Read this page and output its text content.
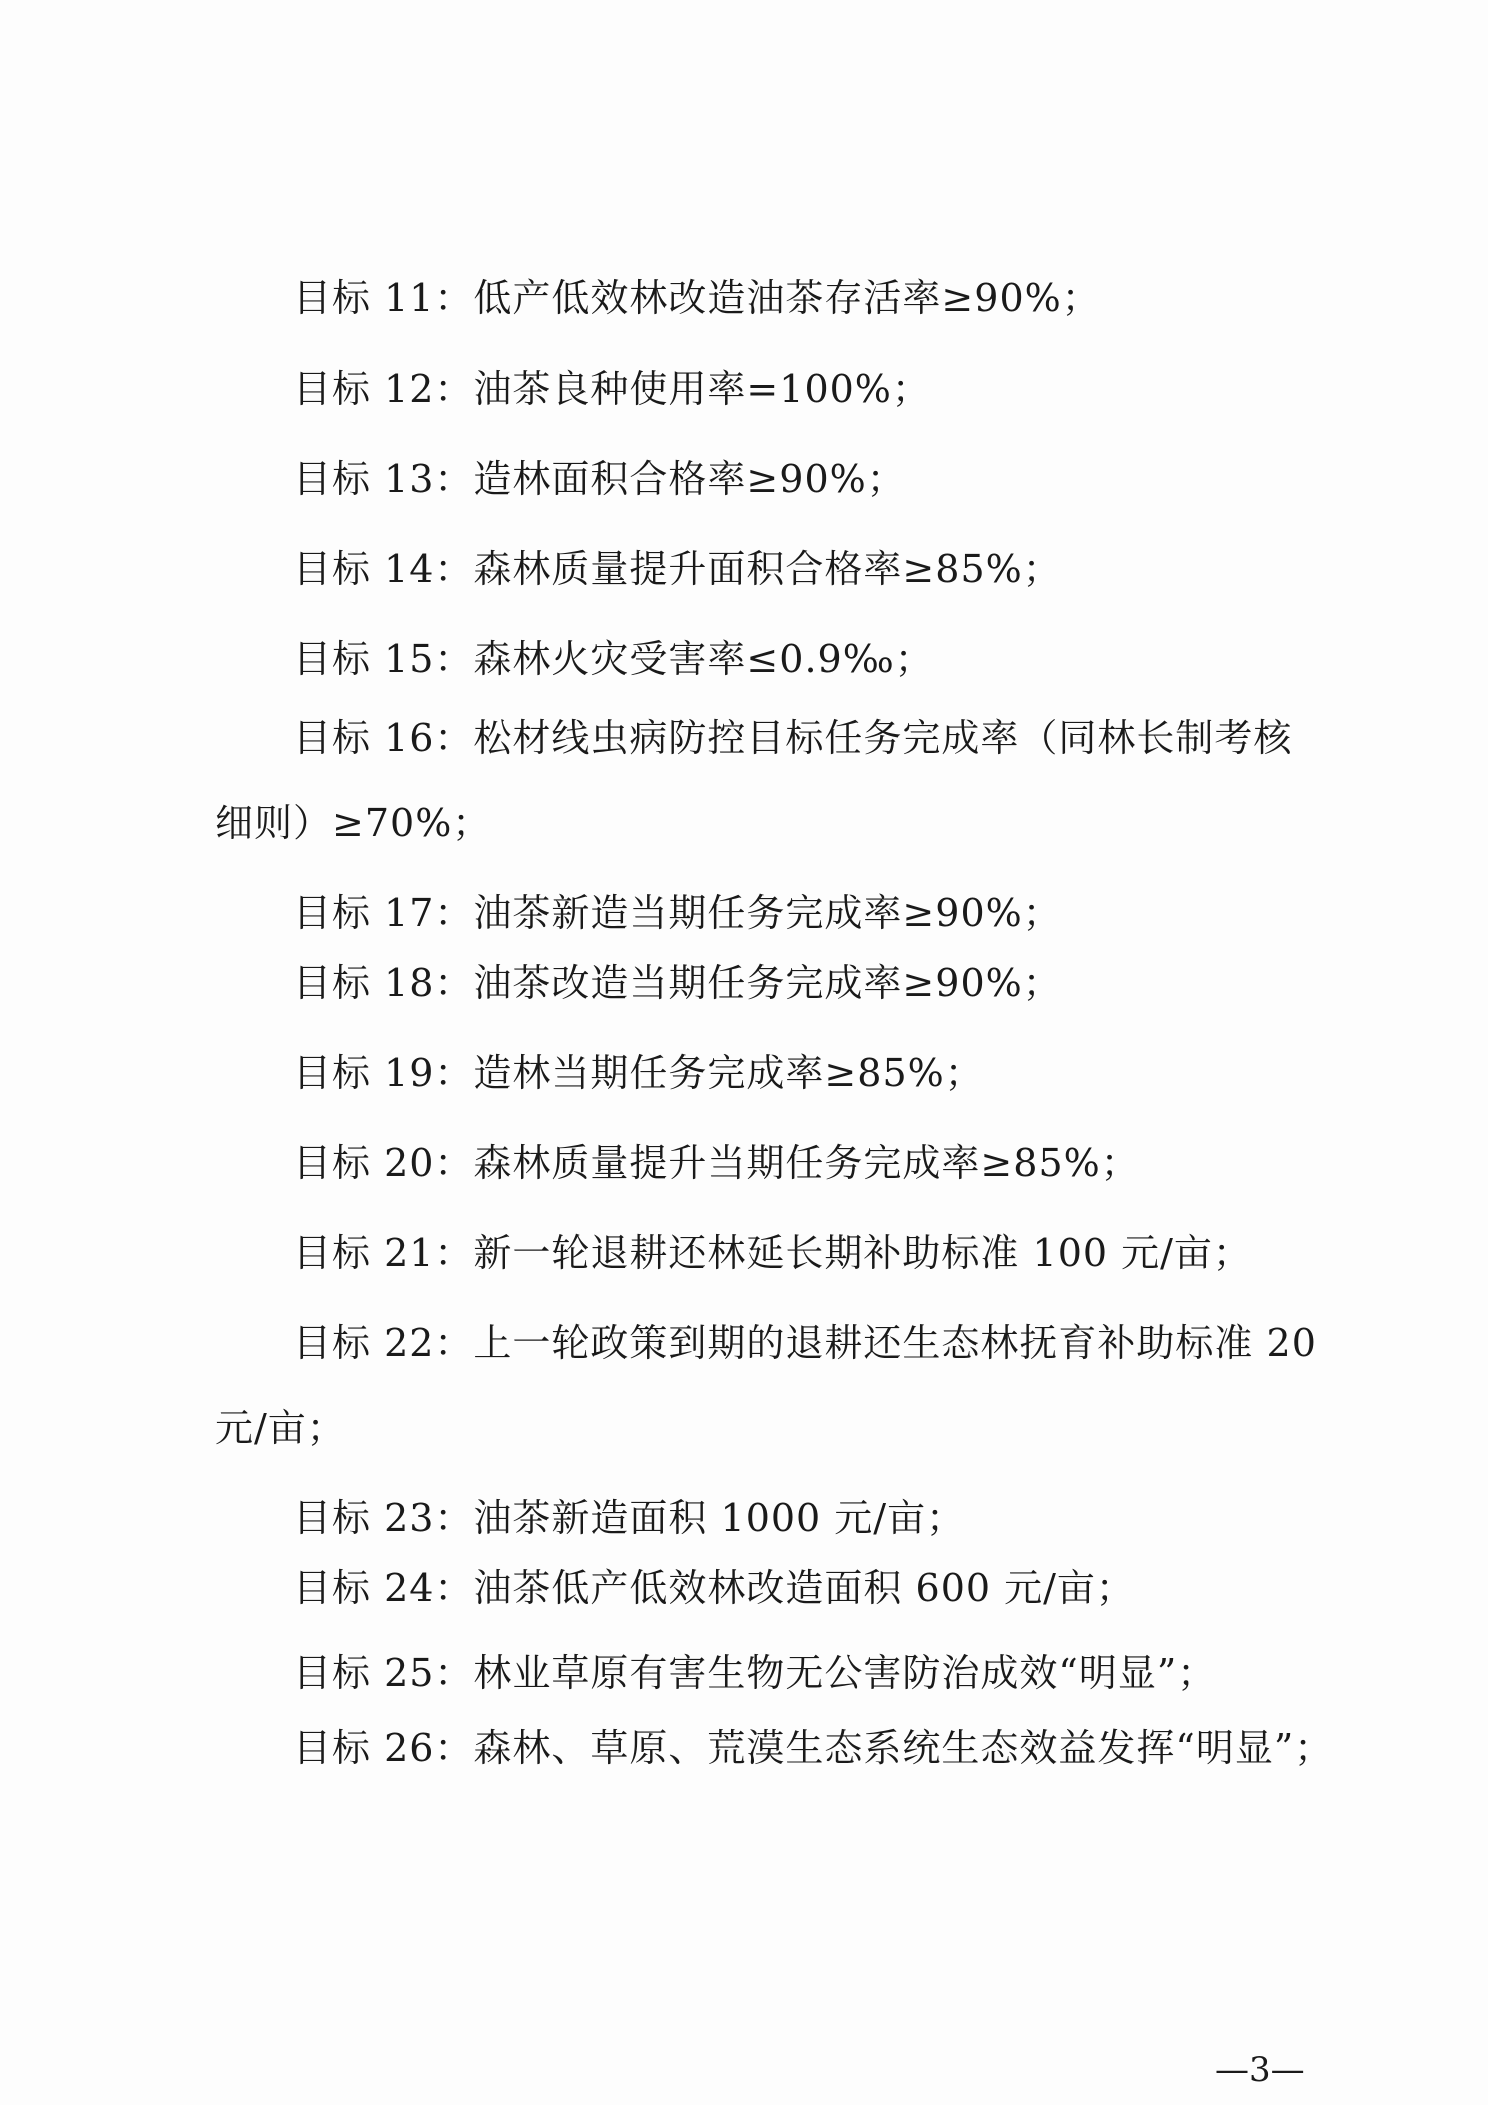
目标 11：低产低效林改造油茶存活率≥90%；
目标 12：油茶良种使用率=100%；
目标 13：造林面积合格率≥90%；
目标 14：森林质量提升面积合格率≥85%；
目标 15：森林火灾受害率≤0.9‰；
目标 16：松材线虫病防控目标任务完成率（同林长制考核
细则）≥70%；
目标 17：油茶新造当期任务完成率≥90%；
目标 18：油茶改造当期任务完成率≥90%；
目标 19：造林当期任务完成率≥85%；
目标 20：森林质量提升当期任务完成率≥85%；
目标 21：新一轮退耕还林延长期补助标准 100 元/亩；
目标 22：上一轮政策到期的退耕还生态林抚育补助标准 20
元/亩；
目标 23：油茶新造面积 1000 元/亩；
目标 24：油茶低产低效林改造面积 600 元/亩；
目标 25：林业草原有害生物无公害防治成效“明显”；
目标 26：森林、草原、荒漠生态系统生态效益发挥“明显”；
—3—
